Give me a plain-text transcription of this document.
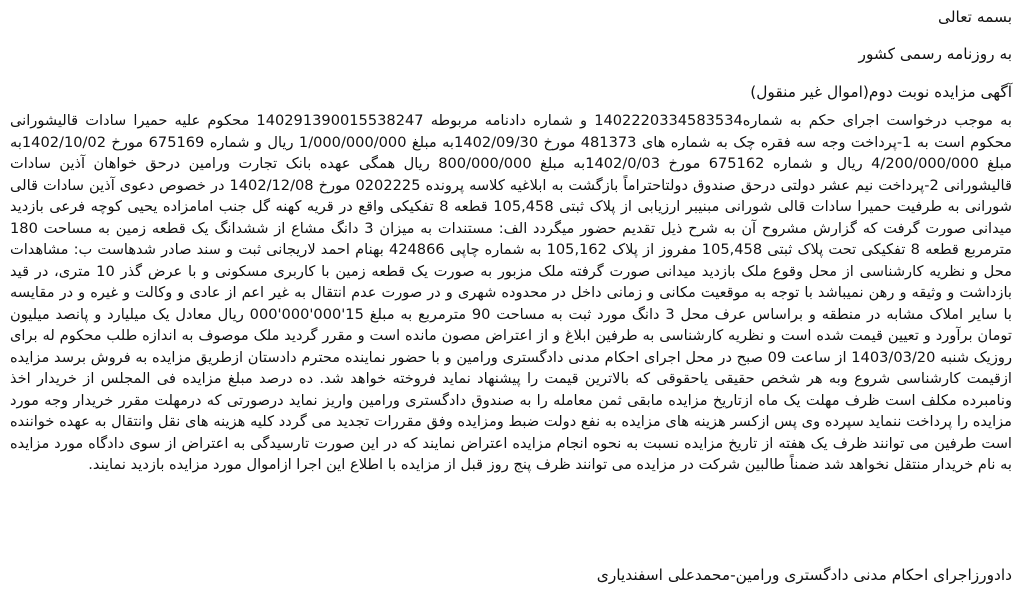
بسمه تعالی
به روزنامه رسمی کشور
آگهی مزایده نوبت دوم(اموال غیر منقول)
به موجب درخواست اجرای حکم به شماره140222033458353‌4 و شماره دادنامه مربوطه 140291390015538247 محکوم علیه حمیرا سادات قالیشورانی محکوم است به 1-پرداخت وجه سه فقره چک به شماره های 481373 مورخ 1402/09/30به مبلغ 1/000/000/000 ریال و شماره 675169 مورخ 1402/10/02به مبلغ 4/200/000/000 ریال و شماره 675162 مورخ 1402/0/03به مبلغ 800/000/000 ریال همگی عهده بانک تجارت ورامین درحق خواهان آذین سادات قالیشورانی 2-پرداخت نیم عشر دولتی درحق صندوق دولتاحتراماً بازگشت به ابلاغیه کلاسه پرونده 0202225 مورخ 1402/12/08 در خصوص دعوی آذین سادات قالی شورانی به طرفیت حمیرا سادات قالی شورانی مبنیبر ارزیابی از پلاک ثبتی 105,458 قطعه 8 تفکیکی واقع در قریه کهنه گل جنب امامزاده یحیی کوچه فرعی بازدید میدانی صورت گرفت که گزارش مشروح آن به شرح ذیل تقدیم حضور میگردد الف: مستندات به میزان 3 دانگ مشاع از ششدانگ یک قطعه زمین به مساحت 180 مترمربع قطعه 8 تفکیکی تحت پلاک ثبتی 105,458 مفروز از پلاک 105,162 به شماره چاپی 424866 بهنام احمد لاریجانی ثبت و سند صادر شدهاست ب: مشاهدات محل و نظریه کارشناسی از محل وقوع ملک بازدید میدانی صورت گرفته ملک مزبور به صورت یک قطعه زمین با کاربری مسکونی و با عرض گذر 10 متری، در قید بازداشت و وثیقه و رهن نمیباشد با توجه به موقعیت مکانی و زمانی داخل در محدوده شهری و در صورت عدم انتقال به غیر اعم از عادی و وکالت و غیره و در مقایسه با سایر املاک مشابه در منطقه و براساس عرف محل 3 دانگ مورد ثبت به مساحت 90 مترمربع به مبلغ 15'000'000'000 ریال معادل یک میلیارد و پانصد میلیون تومان برآورد و تعیین قیمت شده است و نظریه کارشناسی به طرفین ابلاغ و از اعتراض مصون مانده است و مقرر گردید ملک موصوف به اندازه طلب محکوم له برای روزیک شنبه 1403/03/20 از ساعت 09 صبح در محل اجرای احکام مدنی دادگستری ورامین و با حضور نماینده محترم دادستان ازطریق مزایده به فروش برسد مزایده ازقیمت کارشناسی شروع وبه هر شخص حقیقی یاحقوقی که بالاترین قیمت را پیشنهاد نماید فروخته خواهد شد. ده درصد مبلغ مزایده فی المجلس از خریدار اخذ ونامبرده مکلف است ظرف مهلت یک ماه ازتاریخ مزایده مابقی ثمن معامله را به صندوق دادگستری ورامین واریز نماید درصورتی که درمهلت مقرر خریدار وجه مورد مزایده را پرداخت ننماید سپرده وی پس ازکسر هزینه های مزایده به نفع دولت ضبط ومزایده وفق مقررات تجدید می گردد کلیه هزینه های نقل وانتقال به عهده خواننده است طرفین می توانند ظرف یک هفته از تاریخ مزایده نسبت به نحوه انجام مزایده اعتراض نمایند که در این صورت تارسیدگی به اعتراض از سوی دادگاه مورد مزایده به نام خریدار منتقل نخواهد شد ضمناً طالبین شرکت در مزایده می توانند ظرف پنج روز قبل از مزایده با اطلاع این اجرا ازاموال مورد مزایده بازدید نمایند.
دادورزاجرای احکام مدنی دادگستری ورامین-محمدعلی اسفندیاری
